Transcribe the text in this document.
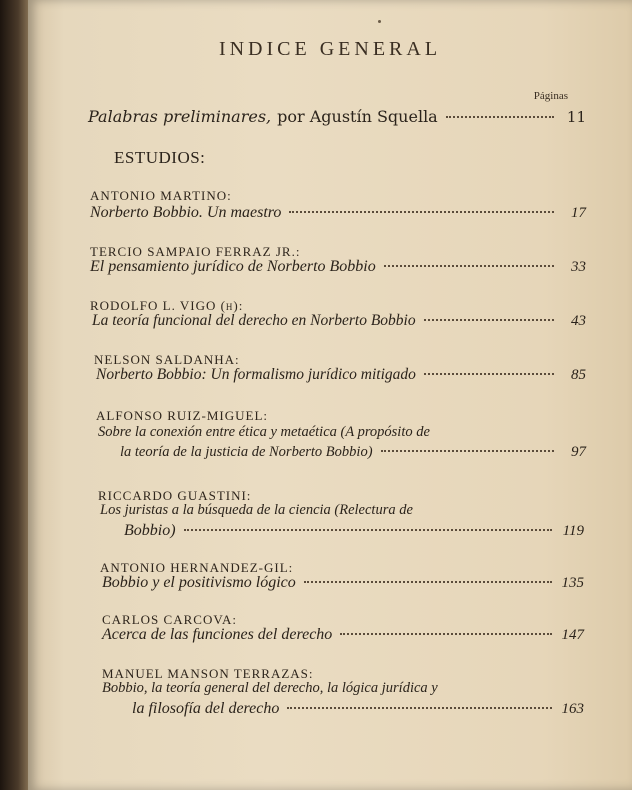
INDICE GENERAL
Páginas
Palabras preliminares, por Agustín Squella	11
ESTUDIOS:
ANTONIO MARTINO:
Norberto Bobbio. Un maestro	17
TERCIO SAMPAIO FERRAZ JR.:
El pensamiento jurídico de Norberto Bobbio	33
RODOLFO L. VIGO (h):
La teoría funcional del derecho en Norberto Bobbio	43
NELSON SALDANHA:
Norberto Bobbio: Un formalismo jurídico mitigado	85
ALFONSO RUIZ-MIGUEL:
Sobre la conexión entre ética y metaética (A propósito de
la teoría de la justicia de Norberto Bobbio)	97
RICCARDO GUASTINI:
Los juristas a la búsqueda de la ciencia (Relectura de
Bobbio)	119
ANTONIO HERNANDEZ-GIL:
Bobbio y el positivismo lógico	135
CARLOS CARCOVA:
Acerca de las funciones del derecho	147
MANUEL MANSON TERRAZAS:
Bobbio, la teoría general del derecho, la lógica jurídica y
la filosofía del derecho	163
